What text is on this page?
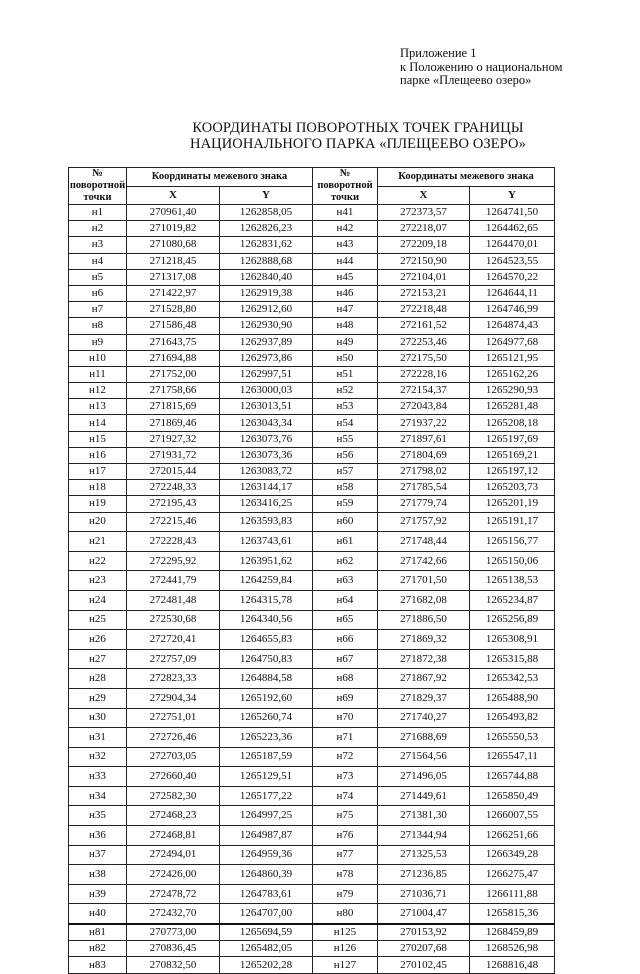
Приложение 1
к Положению о национальном
парке «Плещеево озеро»
КООРДИНАТЫ ПОВОРОТНЫХ ТОЧЕК ГРАНИЦЫ
НАЦИОНАЛЬНОГО ПАРКА «ПЛЕЩЕЕВО ОЗЕРО»
№ поворотной точки	Координаты межевого знака		№ поворотной точки	Координаты межевого знака	
	X	Y		X	Y
н1	270961,40	1262858,05	н41	272373,57	1264741,50
н2	271019,82	1262826,23	н42	272218,07	1264462,65
н3	271080,68	1262831,62	н43	272209,18	1264470,01
н4	271218,45	1262888,68	н44	272150,90	1264523,55
н5	271317,08	1262840,40	н45	272104,01	1264570,22
н6	271422,97	1262919,38	н46	272153,21	1264644,11
н7	271528,80	1262912,60	н47	272218,48	1264746,99
н8	271586,48	1262930,90	н48	272161,52	1264874,43
н9	271643,75	1262937,89	н49	272253,46	1264977,68
н10	271694,88	1262973,86	н50	272175,50	1265121,95
н11	271752,00	1262997,51	н51	272228,16	1265162,26
н12	271758,66	1263000,03	н52	272154,37	1265290,93
н13	271815,69	1263013,51	н53	272043,84	1265281,48
н14	271869,46	1263043,34	н54	271937,22	1265208,18
н15	271927,32	1263073,76	н55	271897,61	1265197,69
н16	271931,72	1263073,36	н56	271804,69	1265169,21
н17	272015,44	1263083,72	н57	271798,02	1265197,12
н18	272248,33	1263144,17	н58	271785,54	1265203,73
н19	272195,43	1263416,25	н59	271779,74	1265201,19
н20	272215,46	1263593,83	н60	271757,92	1265191,17
н21	272228,43	1263743,61	н61	271748,44	1265156,77
н22	272295,92	1263951,62	н62	271742,66	1265150,06
н23	272441,79	1264259,84	н63	271701,50	1265138,53
н24	272481,48	1264315,78	н64	271682,08	1265234,87
н25	272530,68	1264340,56	н65	271886,50	1265256,89
н26	272720,41	1264655,83	н66	271869,32	1265308,91
н27	272757,09	1264750,83	н67	271872,38	1265315,88
н28	272823,33	1264884,58	н68	271867,92	1265342,53
н29	272904,34	1265192,60	н69	271829,37	1265488,90
н30	272751,01	1265260,74	н70	271740,27	1265493,82
н31	272726,46	1265223,36	н71	271688,69	1265550,53
н32	272703,05	1265187,59	н72	271564,56	1265547,11
н33	272660,40	1265129,51	н73	271496,05	1265744,88
н34	272582,30	1265177,22	н74	271449,61	1265850,49
н35	272468,23	1264997,25	н75	271381,30	1266007,55
н36	272468,81	1264987,87	н76	271344,94	1266251,66
н37	272494,01	1264959,36	н77	271325,53	1266349,28
н38	272426,00	1264860,39	н78	271236,85	1266275,47
н39	272478,72	1264783,61	н79	271036,71	1266111,88
н40	272432,70	1264707,00	н80	271004,47	1265815,36
н81	270773,00	1265694,59	н125	270153,92	1268459,89
н82	270836,45	1265482,05	н126	270207,68	1268526,98
н83	270832,50	1265202,28	н127	270102,45	1268816,48
